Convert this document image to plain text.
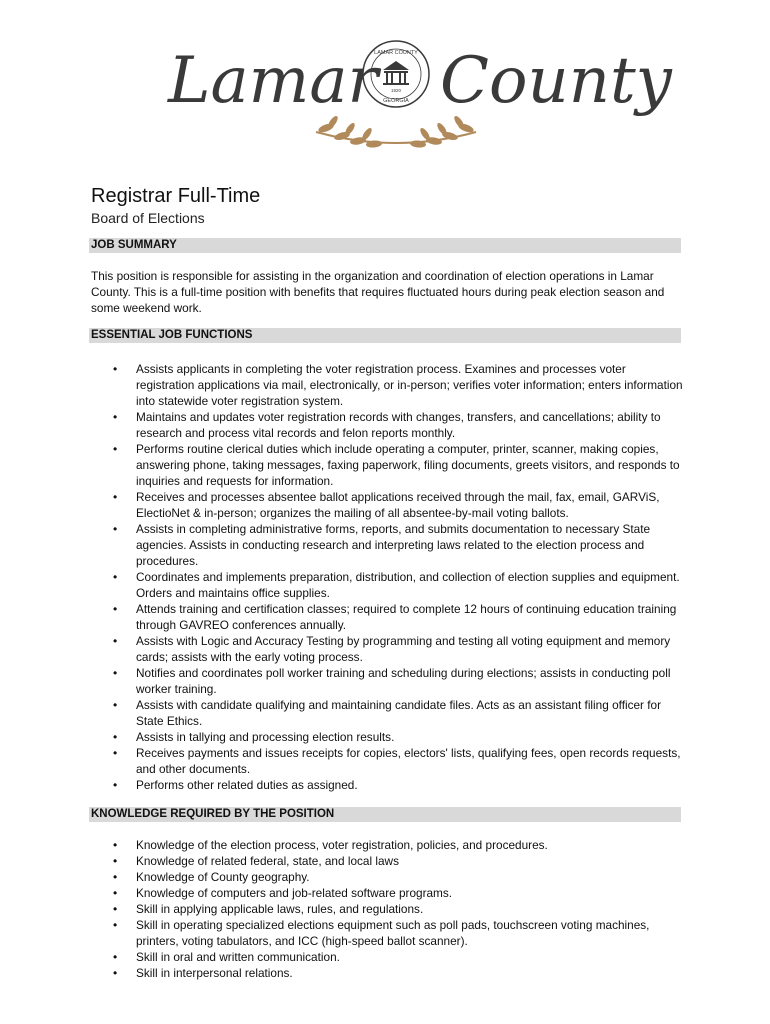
Lamar County
LAMAR COUNTY
GEORGIA
1920
Registrar Full-Time
Board of Elections
JOB SUMMARY
This position is responsible for assisting in the organization and coordination of election operations in Lamar County. This is a full-time position with benefits that requires fluctuated hours during peak election season and some weekend work.
ESSENTIAL JOB FUNCTIONS
• Assists applicants in completing the voter registration process. Examines and processes voter registration applications via mail, electronically, or in-person; verifies voter information; enters information into statewide voter registration system.
• Maintains and updates voter registration records with changes, transfers, and cancellations; ability to research and process vital records and felon reports monthly.
• Performs routine clerical duties which include operating a computer, printer, scanner, making copies, answering phone, taking messages, faxing paperwork, filing documents, greets visitors, and responds to inquiries and requests for information.
• Receives and processes absentee ballot applications received through the mail, fax, email, GARViS, ElectioNet & in-person; organizes the mailing of all absentee-by-mail voting ballots.
• Assists in completing administrative forms, reports, and submits documentation to necessary State agencies. Assists in conducting research and interpreting laws related to the election process and procedures.
• Coordinates and implements preparation, distribution, and collection of election supplies and equipment. Orders and maintains office supplies.
• Attends training and certification classes; required to complete 12 hours of continuing education training through GAVREO conferences annually.
• Assists with Logic and Accuracy Testing by programming and testing all voting equipment and memory cards; assists with the early voting process.
• Notifies and coordinates poll worker training and scheduling during elections; assists in conducting poll worker training.
• Assists with candidate qualifying and maintaining candidate files. Acts as an assistant filing officer for State Ethics.
• Assists in tallying and processing election results.
• Receives payments and issues receipts for copies, electors' lists, qualifying fees, open records requests, and other documents.
• Performs other related duties as assigned.
KNOWLEDGE REQUIRED BY THE POSITION
• Knowledge of the election process, voter registration, policies, and procedures.
• Knowledge of related federal, state, and local laws
• Knowledge of County geography.
• Knowledge of computers and job-related software programs.
• Skill in applying applicable laws, rules, and regulations.
• Skill in operating specialized elections equipment such as poll pads, touchscreen voting machines, printers, voting tabulators, and ICC (high-speed ballot scanner).
• Skill in oral and written communication.
• Skill in interpersonal relations.
